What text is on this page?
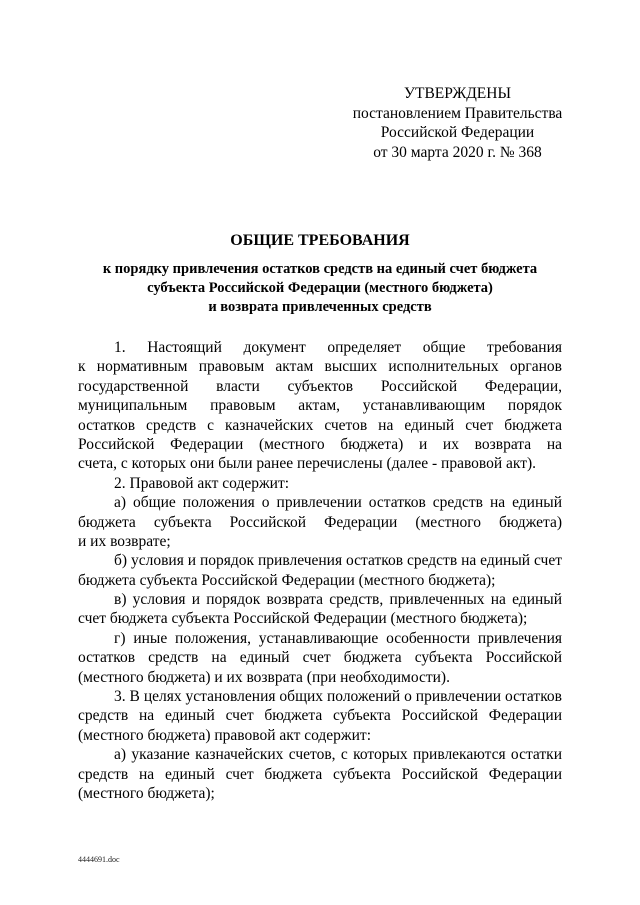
УТВЕРЖДЕНЫ
постановлением Правительства
Российской Федерации
от 30 марта 2020 г. № 368
ОБЩИЕ ТРЕБОВАНИЯ
к порядку привлечения остатков средств на единый счет бюджета
субъекта Российской Федерации (местного бюджета)
и возврата привлеченных средств
1. Настоящий документ определяет общие требования
к нормативным правовым актам высших исполнительных органов
государственной власти субъектов Российской Федерации,
муниципальным правовым актам, устанавливающим порядок
остатков средств с казначейских счетов на единый счет бюджета
Российской Федерации (местного бюджета) и их возврата на
счета, с которых они были ранее перечислены (далее - правовой акт).
2. Правовой акт содержит:
а) общие положения о привлечении остатков средств на единый
бюджета субъекта Российской Федерации (местного бюджета)
и их возврате;
б) условия и порядок привлечения остатков средств на единый счет
бюджета субъекта Российской Федерации (местного бюджета);
в) условия и порядок возврата средств, привлеченных на единый
счет бюджета субъекта Российской Федерации (местного бюджета);
г) иные положения, устанавливающие особенности привлечения
остатков средств на единый счет бюджета субъекта Российской
(местного бюджета) и их возврата (при необходимости).
3. В целях установления общих положений о привлечении остатков
средств на единый счет бюджета субъекта Российской Федерации
(местного бюджета) правовой акт содержит:
а) указание казначейских счетов, с которых привлекаются остатки
средств на единый счет бюджета субъекта Российской Федерации
(местного бюджета);
4444691.doc
